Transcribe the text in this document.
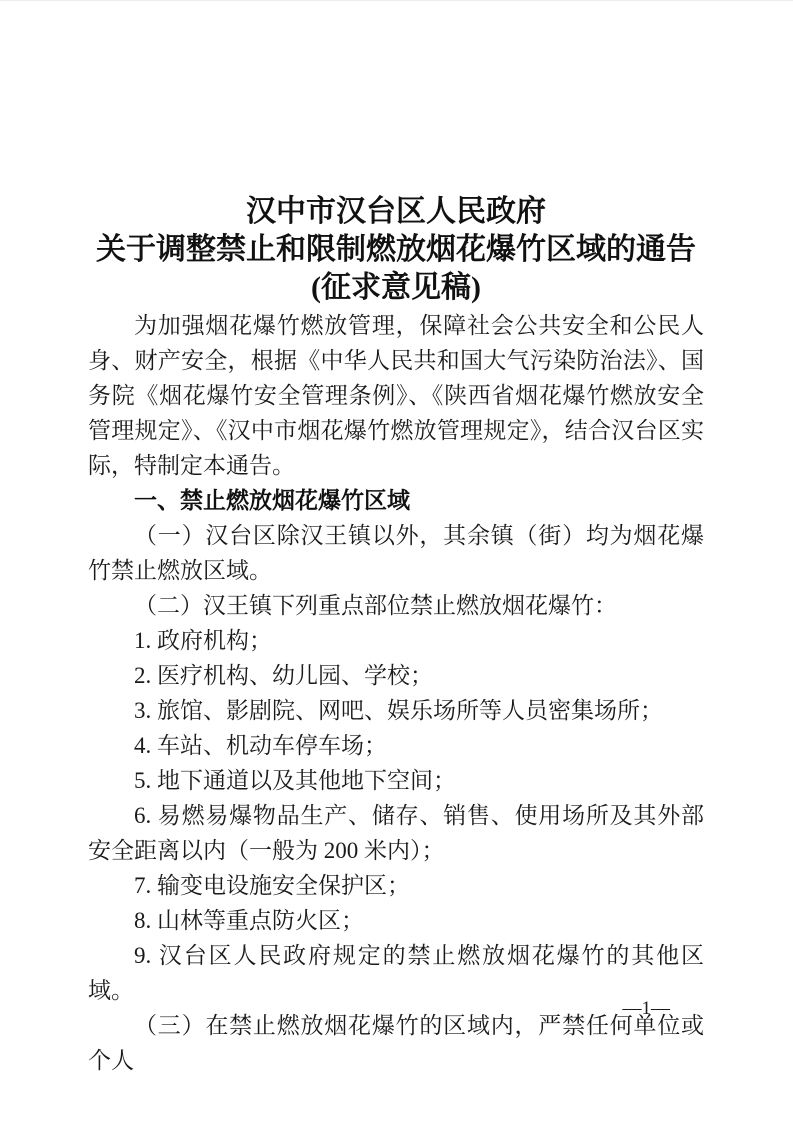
汉中市汉台区人民政府
关于调整禁止和限制燃放烟花爆竹区域的通告
(征求意见稿)

为加强烟花爆竹燃放管理，保障社会公共安全和公民人身、财产安全，根据《中华人民共和国大气污染防治法》、国务院《烟花爆竹安全管理条例》、《陕西省烟花爆竹燃放安全管理规定》、《汉中市烟花爆竹燃放管理规定》，结合汉台区实际，特制定本通告。

一、禁止燃放烟花爆竹区域

（一）汉台区除汉王镇以外，其余镇（街）均为烟花爆竹禁止燃放区域。

（二）汉王镇下列重点部位禁止燃放烟花爆竹：

1. 政府机构；
2. 医疗机构、幼儿园、学校；
3. 旅馆、影剧院、网吧、娱乐场所等人员密集场所；
4. 车站、机动车停车场；
5. 地下通道以及其他地下空间；
6. 易燃易爆物品生产、储存、销售、使用场所及其外部安全距离以内（一般为 200 米内）；
7. 输变电设施安全保护区；
8. 山林等重点防火区；
9. 汉台区人民政府规定的禁止燃放烟花爆竹的其他区域。

（三）在禁止燃放烟花爆竹的区域内，严禁任何单位或个人

—1—
